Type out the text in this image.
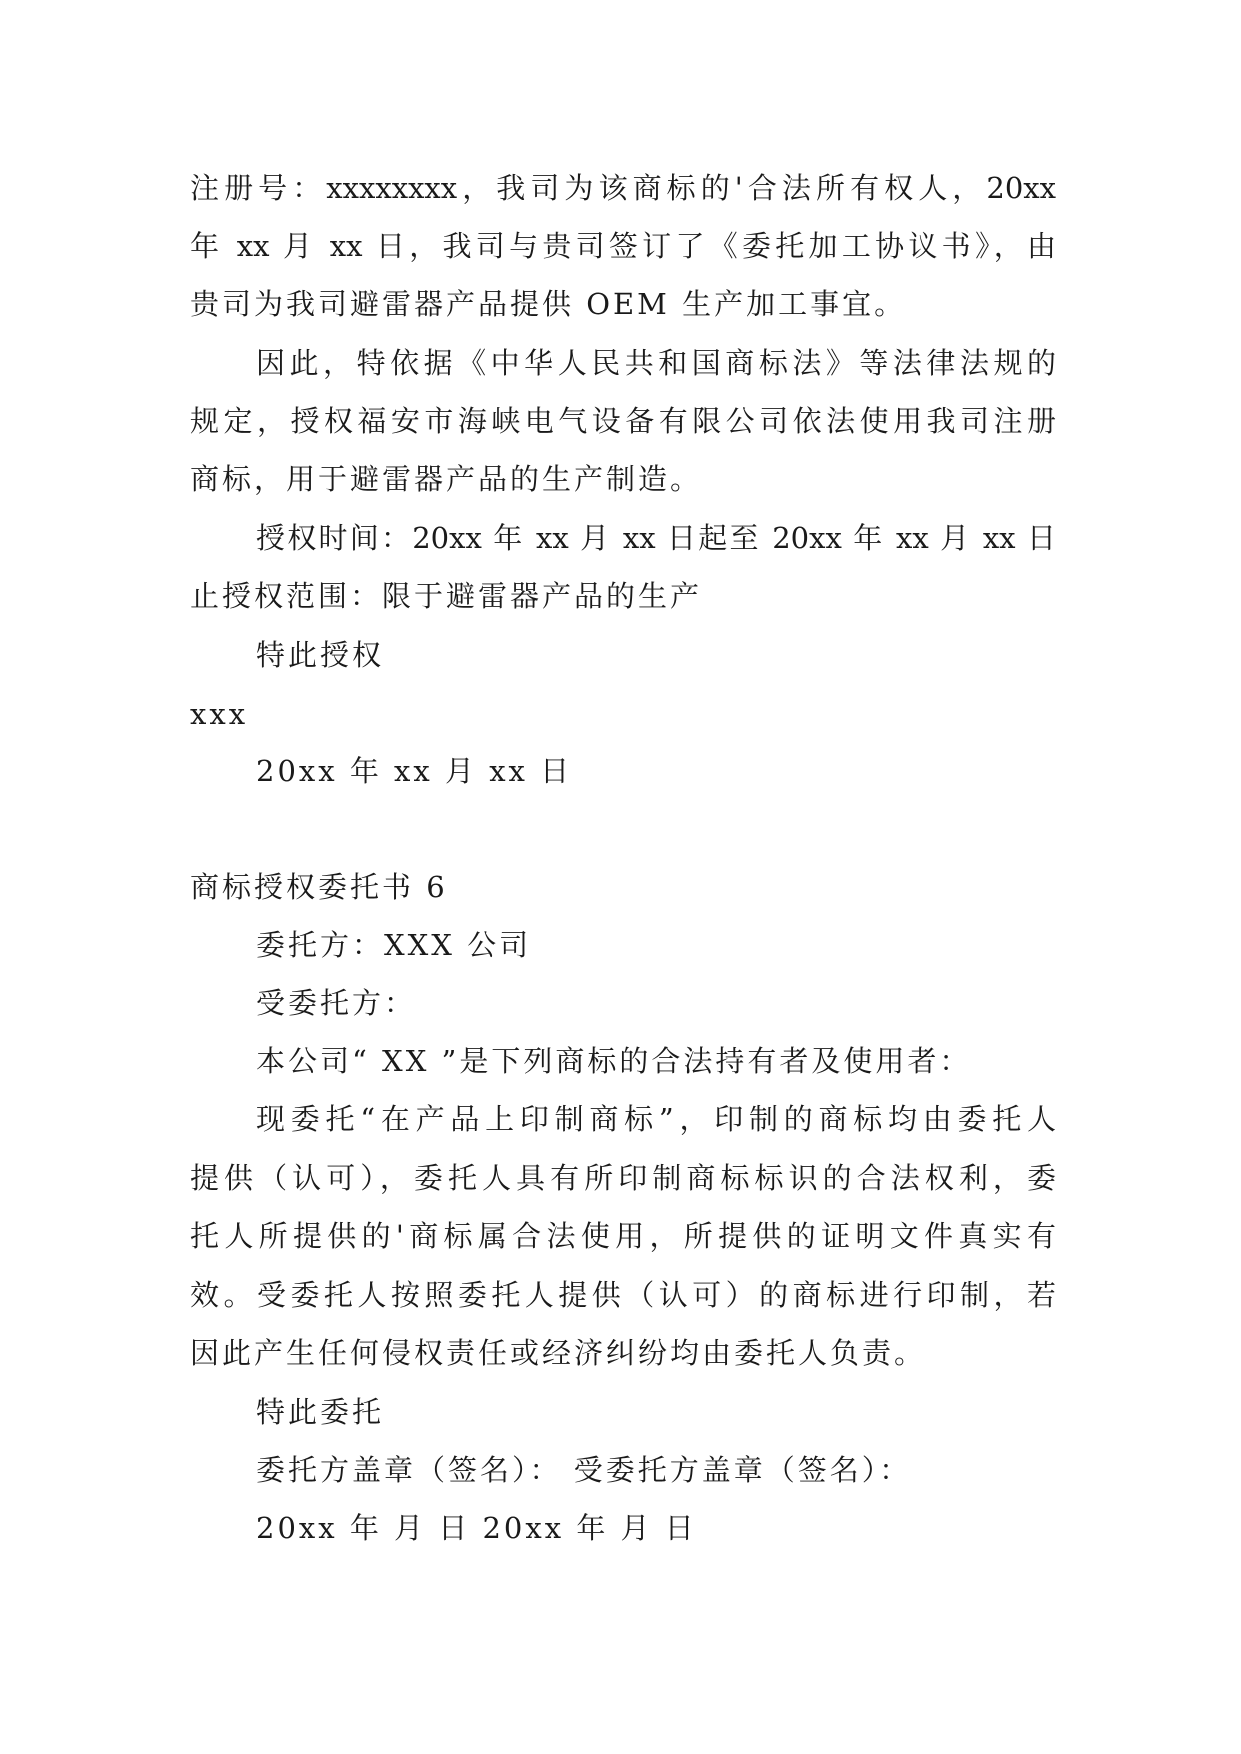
注册号：xxxxxxxx，我司为该商标的'合法所有权人，20xx
年 xx 月 xx 日，我司与贵司签订了《委托加工协议书》，由
贵司为我司避雷器产品提供 OEM 生产加工事宜。
因此，特依据《中华人民共和国商标法》等法律法规的
规定，授权福安市海峡电气设备有限公司依法使用我司注册
商标，用于避雷器产品的生产制造。
授权时间：20xx 年 xx 月 xx 日起至 20xx 年 xx 月 xx 日
止授权范围：限于避雷器产品的生产
特此授权
xxx
20xx 年 xx 月 xx 日
商标授权委托书 6
委托方：XXX 公司
受委托方：
本公司“ XX ”是下列商标的合法持有者及使用者：
现委托“在产品上印制商标”，印制的商标均由委托人
提供（认可），委托人具有所印制商标标识的合法权利，委
托人所提供的'商标属合法使用，所提供的证明文件真实有
效。受委托人按照委托人提供（认可）的商标进行印制，若
因此产生任何侵权责任或经济纠纷均由委托人负责。
特此委托
委托方盖章（签名）： 受委托方盖章（签名）：
20xx 年 月 日 20xx 年 月 日
